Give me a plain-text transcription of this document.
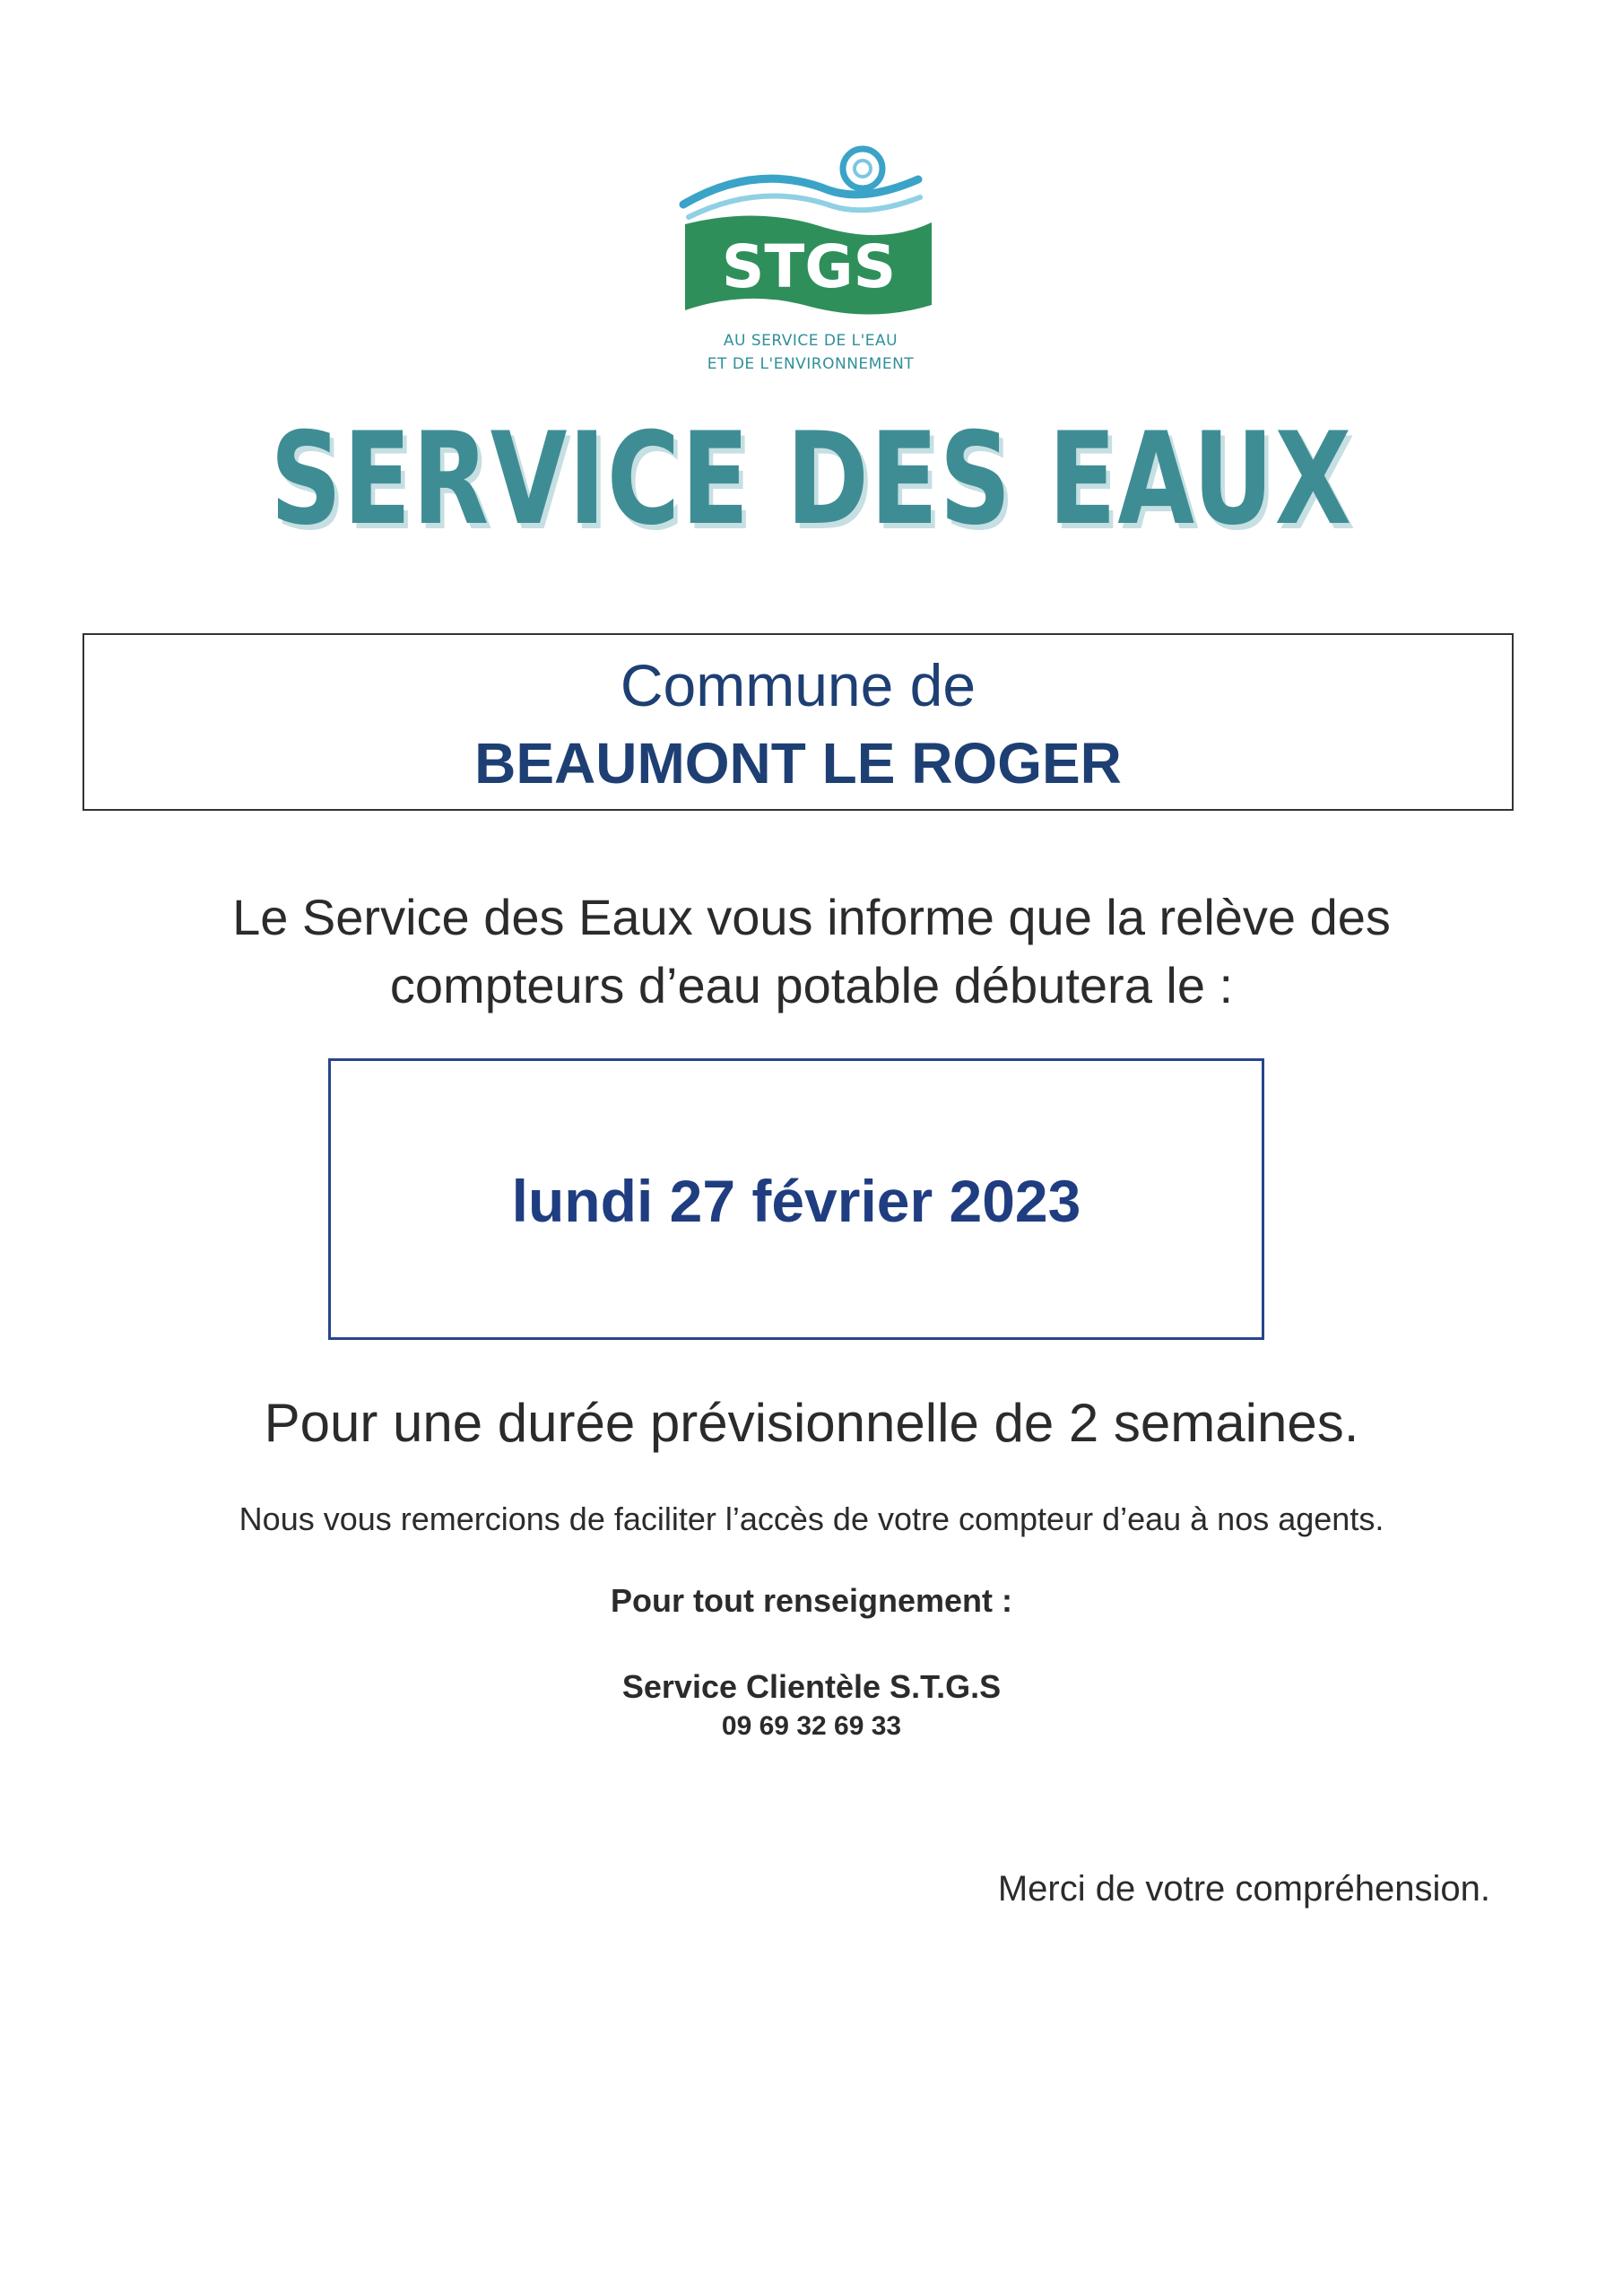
STGS
AU SERVICE DE L'EAU
ET DE L'ENVIRONNEMENT
SERVICE DES EAUX
Commune de
BEAUMONT LE ROGER
Le Service des Eaux vous informe que la relève des
compteurs d’eau potable débutera le :
lundi 27 février 2023
Pour une durée prévisionnelle de 2 semaines.
Nous vous remercions de faciliter l’accès de votre compteur d’eau à nos agents.
Pour tout renseignement :
Service Clientèle S.T.G.S
09 69 32 69 33
Merci de votre compréhension.
